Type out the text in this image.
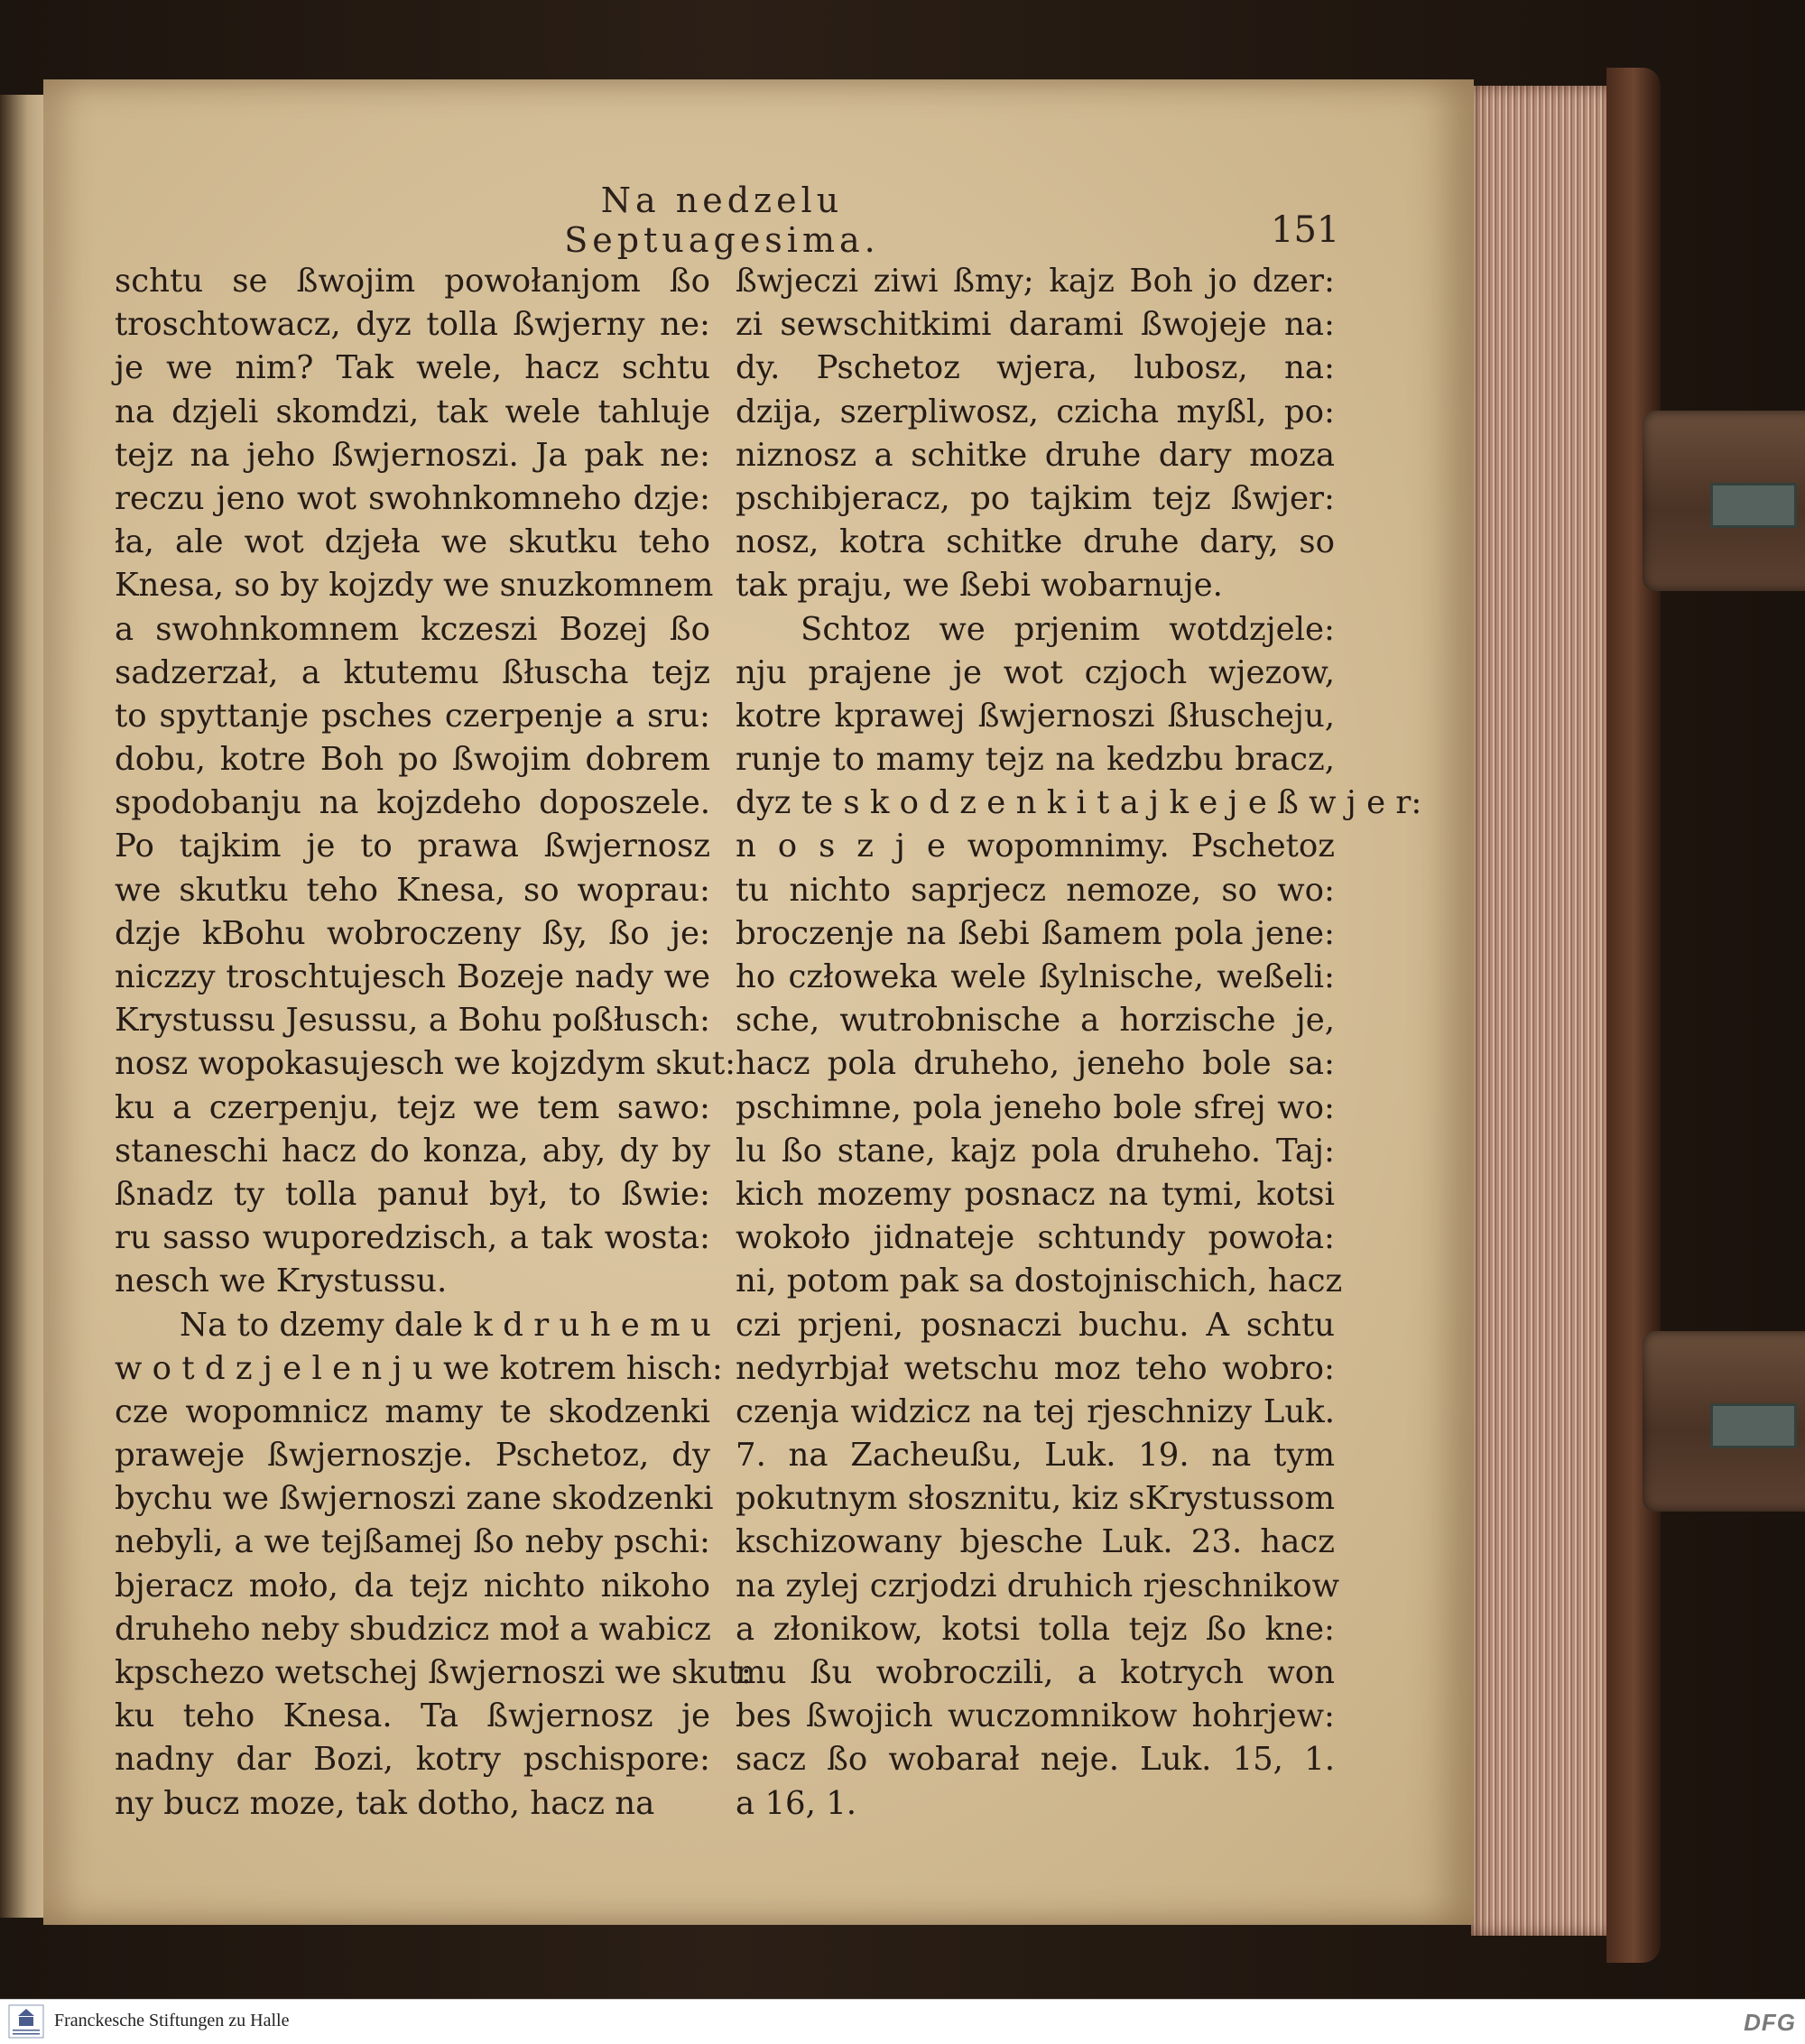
Na nedzelu Septuagesima.	151
schtu se ßwojim powołanjom ßo
troschtowacz, dyz tolla ßwjerny ne:
je we nim? Tak wele, hacz schtu
na dzjeli skomdzi, tak wele tahluje
tejz na jeho ßwjernoszi. Ja pak ne:
reczu jeno wot swohnkomneho dzje:
ła, ale wot dzjeła we skutku teho
Knesa, so by kojzdy we snuzkomnem
a swohnkomnem kczeszi Bozej ßo
sadzerzał, a ktutemu ßłuscha tejz
to spyttanje psches czerpenje a sru:
dobu, kotre Boh po ßwojim dobrem
spodobanju na kojzdeho doposzele.
Po tajkim je to prawa ßwjernosz
we skutku teho Knesa, so woprau:
dzje kBohu wobroczeny ßy, ßo je:
niczzy troschtujesch Bozeje nady we
Krystussu Jesussu, a Bohu poßłusch:
nosz wopokasujesch we kojzdym skut:
ku a czerpenju, tejz we tem sawo:
staneschi hacz do konza, aby, dy by
ßnadz ty tolla panuł był, to ßwie:
ru sasso wuporedzisch, a tak wosta:
nesch we Krystussu.
Na to dzemy dale k d r u h e m u
w o t d z j e l e n j u we kotrem hisch:
cze wopomnicz mamy te skodzenki
praweje ßwjernoszje. Pschetoz, dy
bychu we ßwjernoszi zane skodzenki
nebyli, a we tejßamej ßo neby pschi:
bjeracz moło, da tejz nichto nikoho
druheho neby sbudzicz moł a wabicz
kpschezo wetschej ßwjernoszi we skut:
ku teho Knesa. Ta ßwjernosz je
nadny dar Bozi, kotry pschispore:
ny bucz moze, tak dotho, hacz na
ßwjeczi ziwi ßmy; kajz Boh jo dzer:
zi sewschitkimi darami ßwojeje na:
dy. Pschetoz wjera, lubosz, na:
dzija, szerpliwosz, czicha myßl, po:
niznosz a schitke druhe dary moza
pschibjeracz, po tajkim tejz ßwjer:
nosz, kotra schitke druhe dary, so
tak praju, we ßebi wobarnuje.
Schtoz we prjenim wotdzjele:
nju prajene je wot czjoch wjezow,
kotre kprawej ßwjernoszi ßłuscheju,
runje to mamy tejz na kedzbu bracz,
dyz te s k o d z e n k i t a j k e j e ß w j e r:
n o s z j e wopomnimy. Pschetoz
tu nichto saprjecz nemoze, so wo:
broczenje na ßebi ßamem pola jene:
ho człoweka wele ßylnische, weßeli:
sche, wutrobnische a horzische je,
hacz pola druheho, jeneho bole sa:
pschimne, pola jeneho bole sfrej wo:
lu ßo stane, kajz pola druheho. Taj:
kich mozemy posnacz na tymi, kotsi
wokoło jidnateje schtundy powoła:
ni, potom pak sa dostojnischich, hacz
czi prjeni, posnaczi buchu. A schtu
nedyrbjał wetschu moz teho wobro:
czenja widzicz na tej rjeschnizy Luk.
7. na Zacheußu, Luk. 19. na tym
pokutnym słosznitu, kiz sKrystussom
kschizowany bjesche Luk. 23. hacz
na zylej czrjodzi druhich rjeschnikow
a złonikow, kotsi tolla tejz ßo kne:
mu ßu wobroczili, a kotrych won
bes ßwojich wuczomnikow hohrjew:
sacz ßo wobarał neje. Luk. 15, 1.
a 16, 1.
Franckesche Stiftungen zu Halle	DFG
